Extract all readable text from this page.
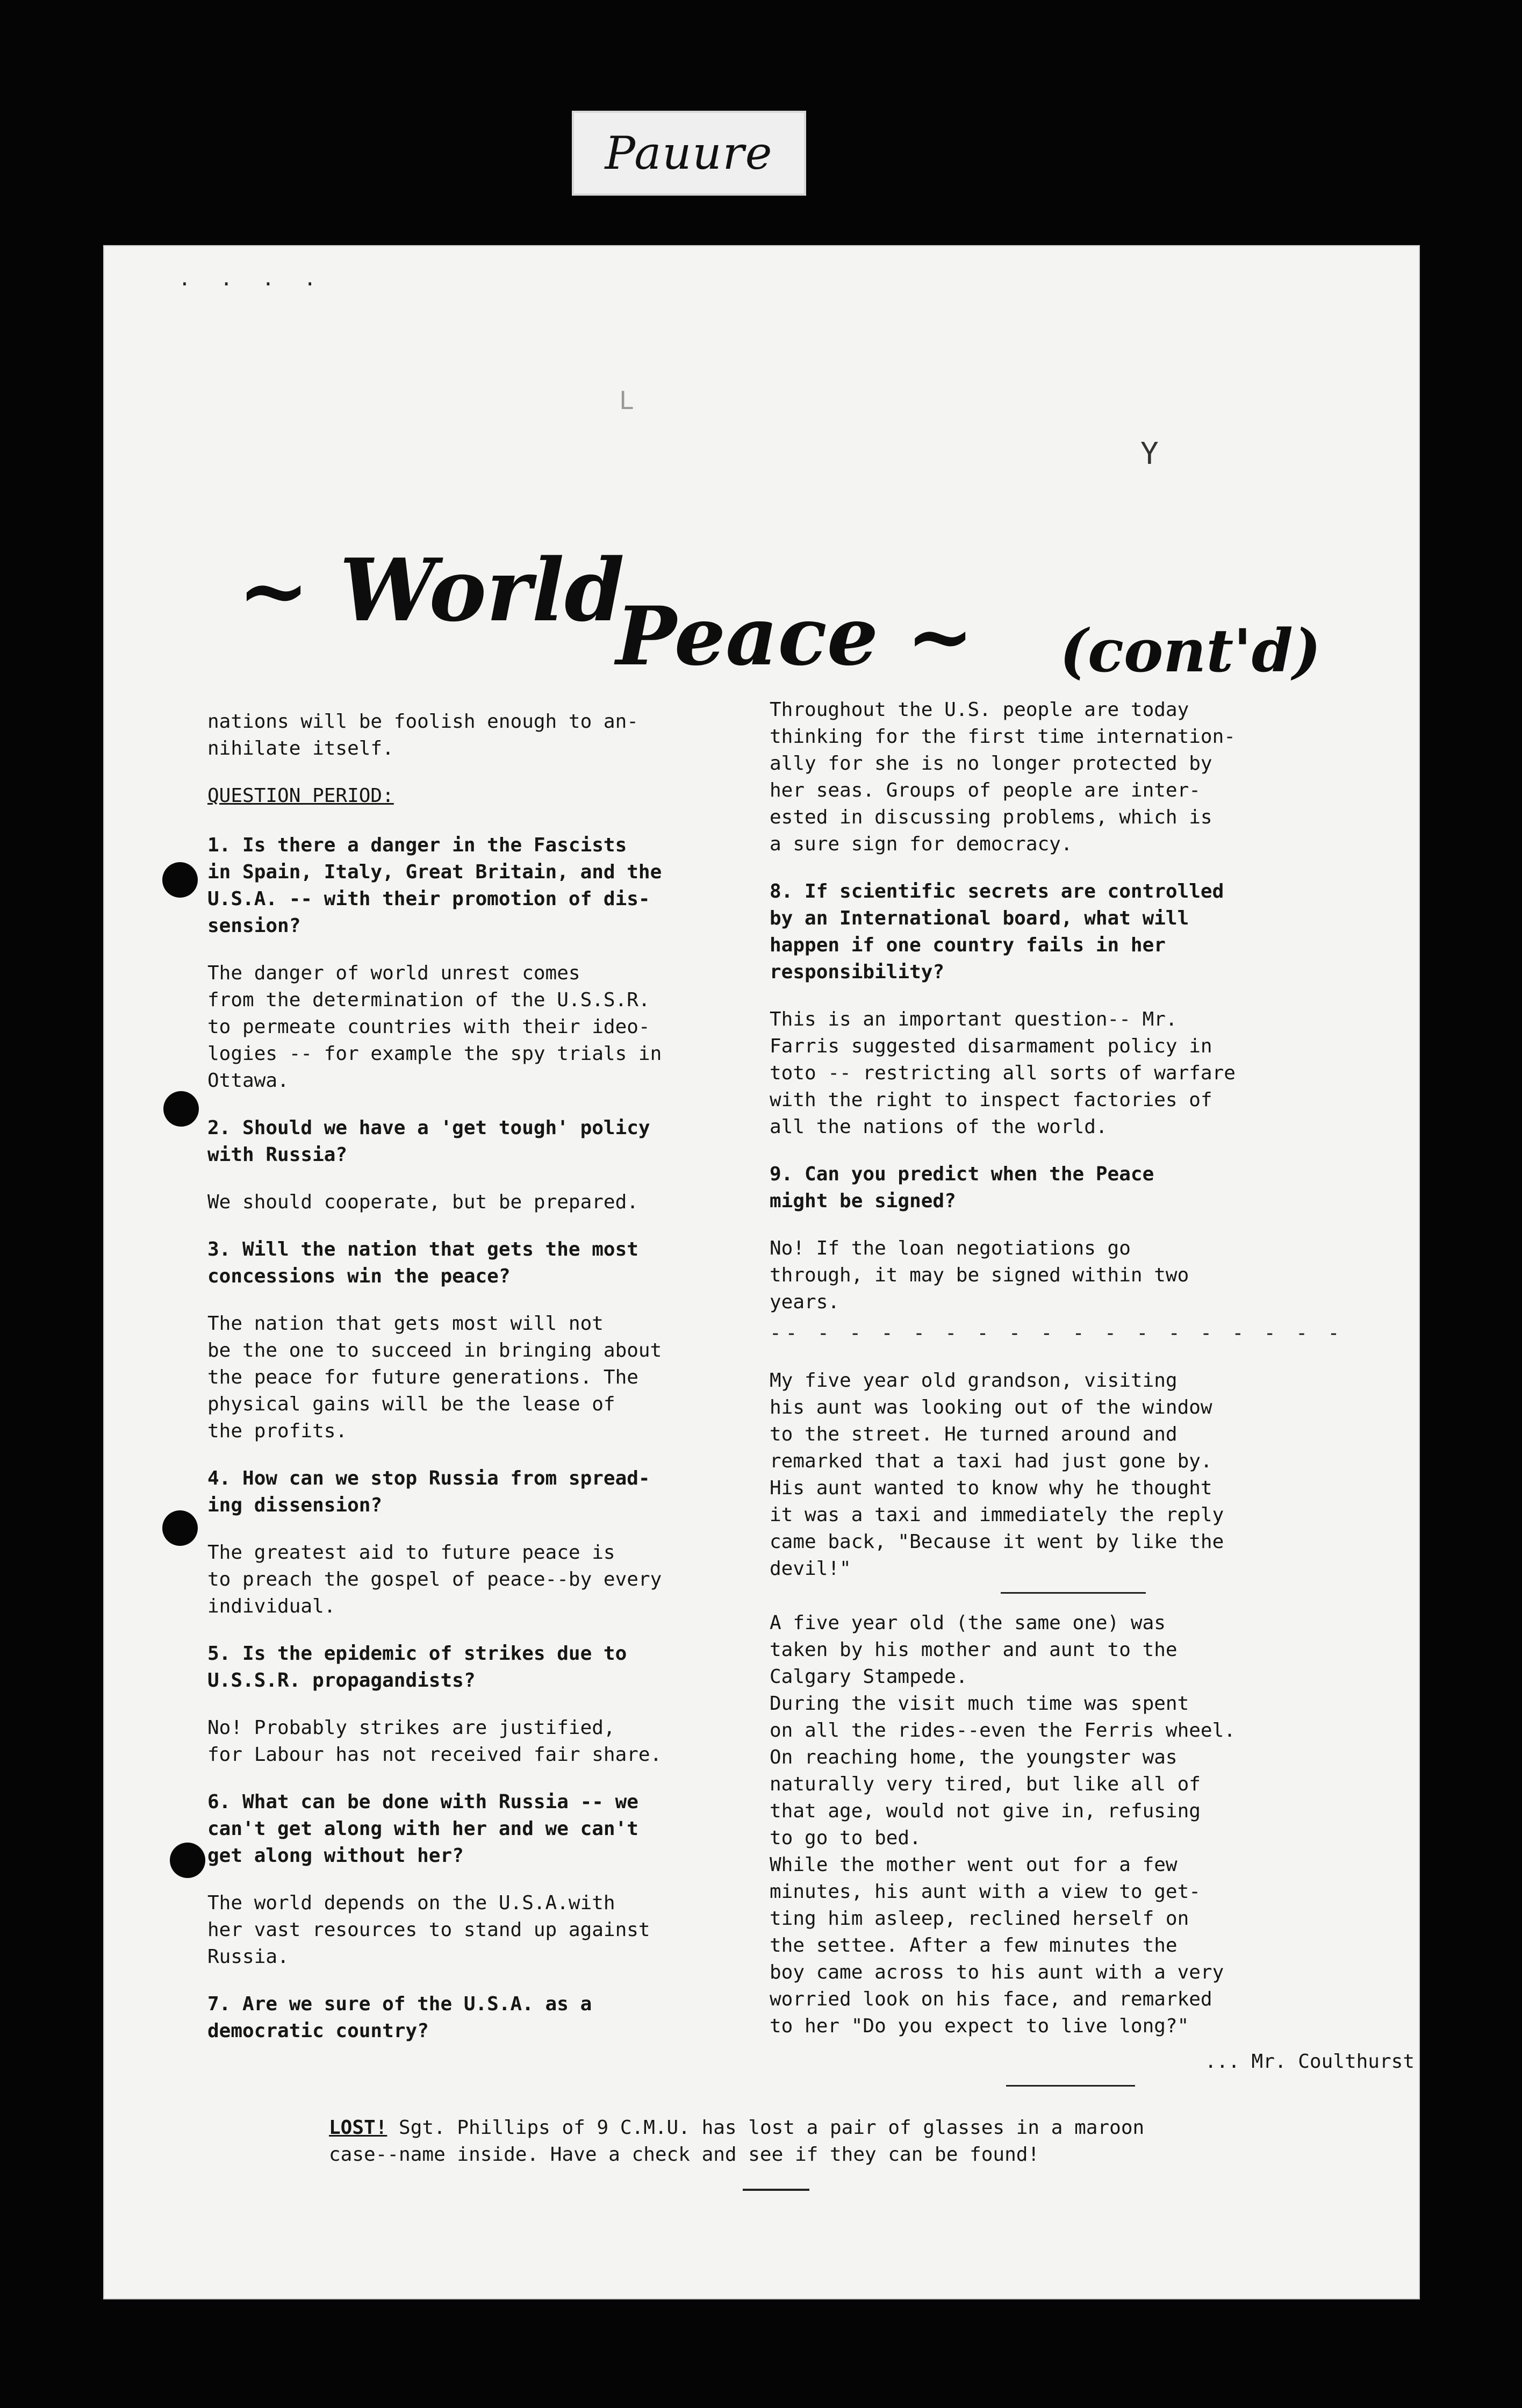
Pauure
. . . .
L
Y
~ World
Peace ~ (cont'd)

nations will be foolish enough to an-
nihilate itself.

QUESTION PERIOD:

1. Is there a danger in the Fascists
in Spain, Italy, Great Britain, and the
U.S.A. -- with their promotion of dis-
sension?

The danger of world unrest comes
from the determination of the U.S.S.R.
to permeate countries with their ideo-
logies -- for example the spy trials in
Ottawa.

2. Should we have a 'get tough' policy
with Russia?

We should cooperate, but be prepared.

3. Will the nation that gets the most
concessions win the peace?

The nation that gets most will not
be the one to succeed in bringing about
the peace for future generations. The
physical gains will be the lease of
the profits.

4. How can we stop Russia from spread-
ing dissension?

The greatest aid to future peace is
to preach the gospel of peace--by every
individual.

5. Is the epidemic of strikes due to
U.S.S.R. propagandists?

No! Probably strikes are justified,
for Labour has not received fair share.

6. What can be done with Russia -- we
can't get along with her and we can't
get along without her?

The world depends on the U.S.A.with
her vast resources to stand up against
Russia.

7. Are we sure of the U.S.A. as a
democratic country?

Throughout the U.S. people are today
thinking for the first time internation-
ally for she is no longer protected by
her seas. Groups of people are inter-
ested in discussing problems, which is
a sure sign for democracy.

8. If scientific secrets are controlled
by an International board, what will
happen if one country fails in her
responsibility?

This is an important question-- Mr.
Farris suggested disarmament policy in
toto -- restricting all sorts of warfare
with the right to inspect factories of
all the nations of the world.

9. Can you predict when the Peace
might be signed?

No! If the loan negotiations go
through, it may be signed within two
years.

-- - - - - - - - - - - - - - - - - -

My five year old grandson, visiting
his aunt was looking out of the window
to the street. He turned around and
remarked that a taxi had just gone by.
His aunt wanted to know why he thought
it was a taxi and immediately the reply
came back, "Because it went by like the
devil!"

A five year old (the same one) was
taken by his mother and aunt to the
Calgary Stampede.
During the visit much time was spent
on all the rides--even the Ferris wheel.
On reaching home, the youngster was
naturally very tired, but like all of
that age, would not give in, refusing
to go to bed.
While the mother went out for a few
minutes, his aunt with a view to get-
ting him asleep, reclined herself on
the settee. After a few minutes the
boy came across to his aunt with a very
worried look on his face, and remarked
to her "Do you expect to live long?"

... Mr. Coulthurst

LOST! Sgt. Phillips of 9 C.M.U. has lost a pair of glasses in a maroon
case--name inside. Have a check and see if they can be found!
